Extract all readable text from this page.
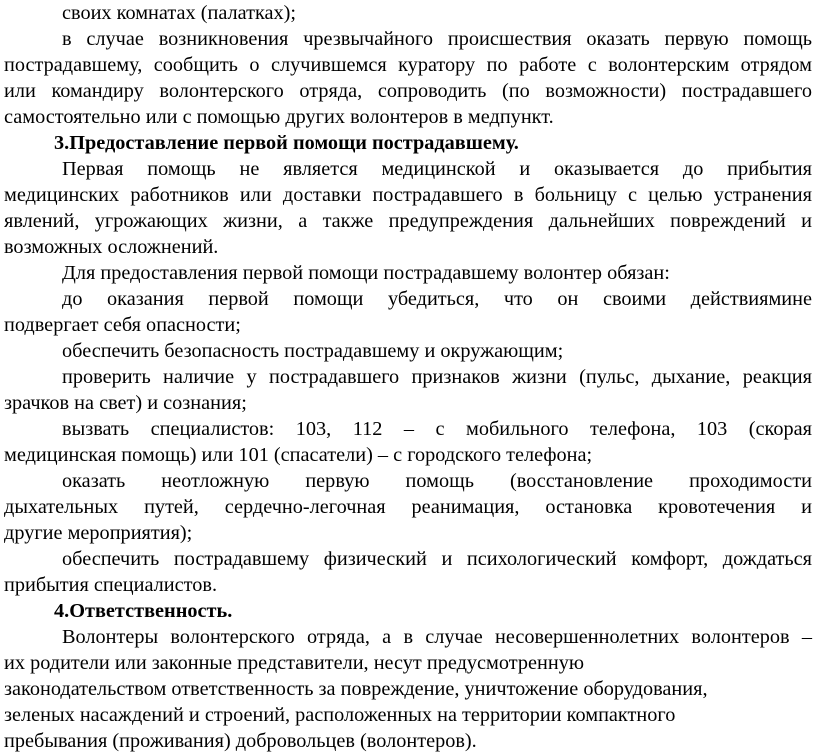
своих комнатах (палатках);
в случае возникновения чрезвычайного происшествия оказать первую помощь
пострадавшему, сообщить о случившемся куратору по работе с волонтерским отрядом
или командиру волонтерского отряда, сопроводить (по возможности) пострадавшего
самостоятельно или с помощью других волонтеров в медпункт.
3.Предоставление первой помощи пострадавшему.
Первая помощь не является медицинской и оказывается до прибытия
медицинских работников или доставки пострадавшего в больницу с целью устранения
явлений, угрожающих жизни, а также предупреждения дальнейших повреждений и
возможных осложнений.
Для предоставления первой помощи пострадавшему волонтер обязан:
до оказания первой помощи убедиться, что он своими действиямине
подвергает себя опасности;
обеспечить безопасность пострадавшему и окружающим;
проверить наличие у пострадавшего признаков жизни (пульс, дыхание, реакция
зрачков на свет) и сознания;
вызвать специалистов: 103, 112 – с мобильного телефона, 103 (скорая
медицинская помощь) или 101 (спасатели) – с городского телефона;
оказать неотложную первую помощь (восстановление проходимости
дыхательных путей, сердечно-легочная реанимация, остановка кровотечения и
другие мероприятия);
обеспечить пострадавшему физический и психологический комфорт, дождаться
прибытия специалистов.
4.Ответственность.
Волонтеры волонтерского отряда, а в случае несовершеннолетних волонтеров –
их родители или законные представители, несут предусмотренную
законодательством ответственность за повреждение, уничтожение оборудования,
зеленых насаждений и строений, расположенных на территории компактного
пребывания (проживания) добровольцев (волонтеров).
